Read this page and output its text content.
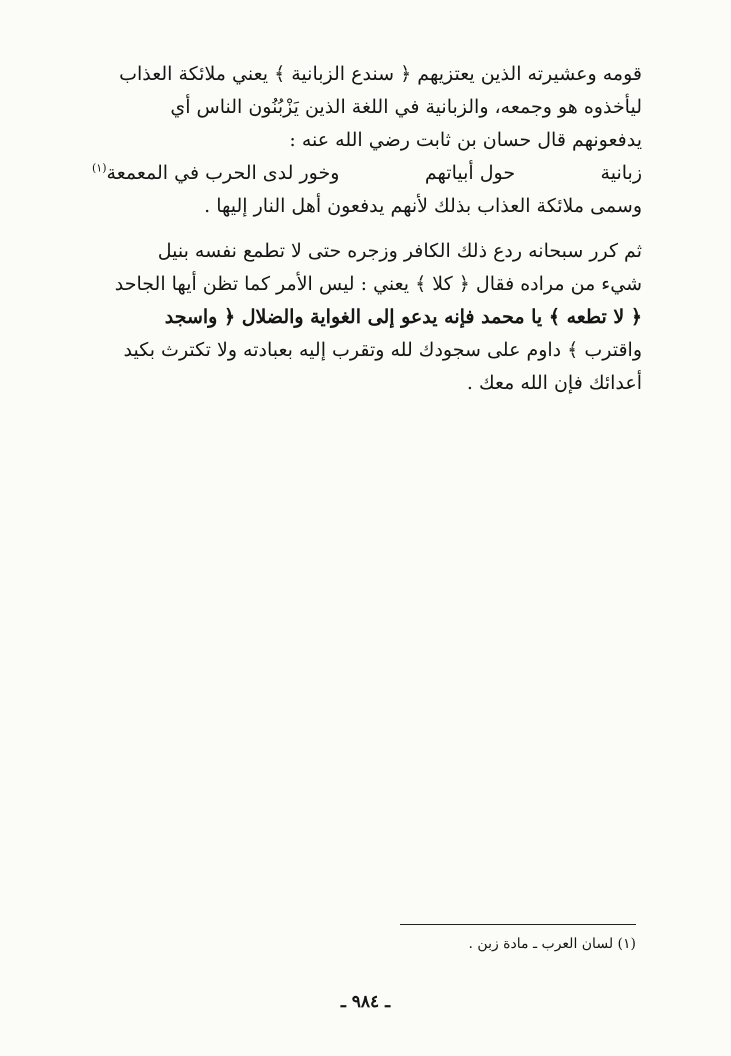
قومه وعشيرته الذين يعتزيهم ﴿ سندع الزبانية ﴾ يعني ملائكة العذاب
ليأخذوه هو وجمعه، والزبانية في اللغة الذين يَزْبُنُون الناس أي
يدفعونهم قال حسان بن ثابت رضي الله عنه :
زبانية
حول أبياتهم
وخور لدى الحرب في المعمعة$^{(١)}$
وسمى ملائكة العذاب بذلك لأنهم يدفعون أهل النار إليها .
ثم كرر سبحانه ردع ذلك الكافر وزجره حتى لا تطمع نفسه بنيل
شيء من مراده فقال ﴿ كلا ﴾ يعني : ليس الأمر كما تظن أيها الجاحد
﴿ لا تطعه ﴾ يا محمد فإنه يدعو إلى الغواية والضلال ﴿ واسجد
واقترب ﴾ داوم على سجودك لله وتقرب إليه بعبادته ولا تكترث بكيد
أعدائك فإن الله معك .
(١) لسان العرب ـ مادة زبن .
ـ ٩٨٤ ـ
